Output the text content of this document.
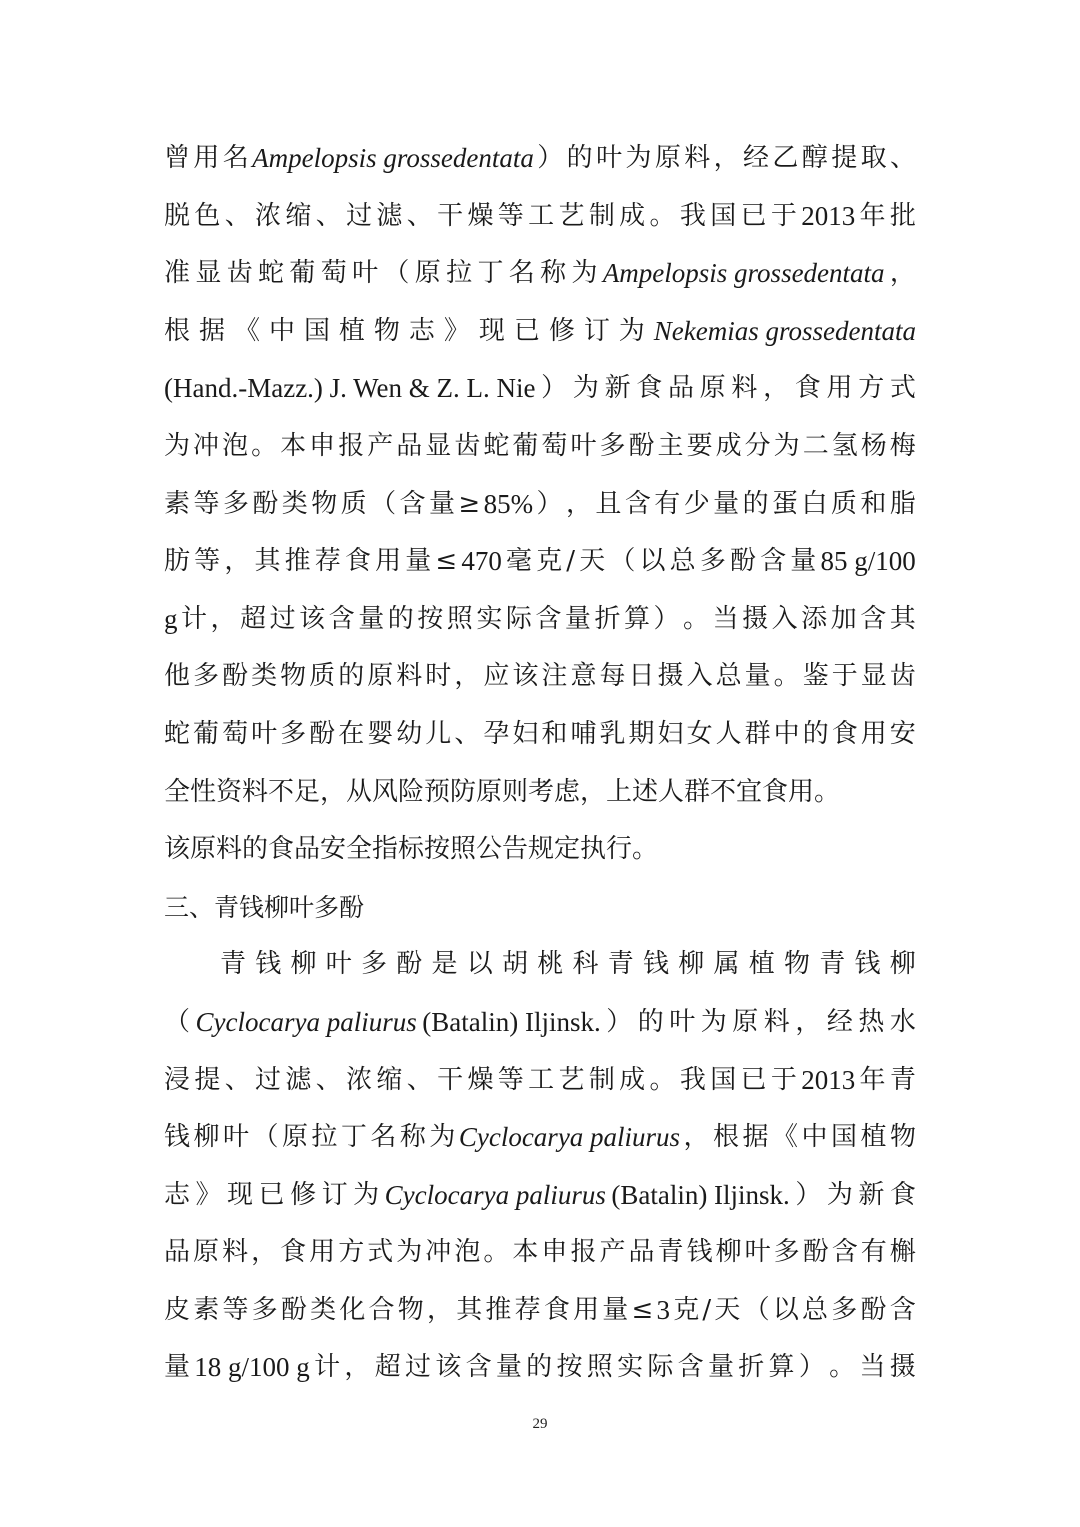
曾 用 名 Ampelopsis grossedentata ） 的 叶 为 原 料 ， 经 乙 醇 提 取 、
脱 色 、 浓 缩 、 过 滤 、 干 燥 等 工 艺 制 成 。 我 国 已 于 2013 年 批
准 显 齿 蛇 葡 萄 叶 （ 原 拉 丁 名 称 为 Ampelopsis grossedentata ，
根 据 《 中 国 植 物 志 》 现 已 修 订 为 Nekemias grossedentata
(Hand.-Mazz.) J. Wen & Z. L. Nie ） 为 新 食 品 原 料 ， 食 用 方 式
为 冲 泡 。 本 申 报 产 品 显 齿 蛇 葡 萄 叶 多 酚 主 要 成 分 为 二 氢 杨 梅
素 等 多 酚 类 物 质 （ 含 量 ≥ 85% ） ， 且 含 有 少 量 的 蛋 白 质 和 脂
肪 等 ， 其 推 荐 食 用 量 ≤ 470 毫 克 / 天 （ 以 总 多 酚 含 量 85 g/100
g 计 ， 超 过 该 含 量 的 按 照 实 际 含 量 折 算 ） 。 当 摄 入 添 加 含 其
他 多 酚 类 物 质 的 原 料 时 ， 应 该 注 意 每 日 摄 入 总 量 。 鉴 于 显 齿
蛇 葡 萄 叶 多 酚 在 婴 幼 儿 、 孕 妇 和 哺 乳 期 妇 女 人 群 中 的 食 用 安
全性资料不足，从风险预防原则考虑，上述人群不宜食用。
该原料的食品安全指标按照公告规定执行。
三、青钱柳叶多酚
青 钱 柳 叶 多 酚 是 以 胡 桃 科 青 钱 柳 属 植 物 青 钱 柳
（ Cyclocarya paliurus (Batalin) Iljinsk. ） 的 叶 为 原 料 ， 经 热 水
浸 提 、 过 滤 、 浓 缩 、 干 燥 等 工 艺 制 成 。 我 国 已 于 2013 年 青
钱 柳 叶 （ 原 拉 丁 名 称 为 Cyclocarya paliurus ， 根 据 《 中 国 植 物
志 》 现 已 修 订 为 Cyclocarya paliurus (Batalin) Iljinsk. ） 为 新 食
品 原 料 ， 食 用 方 式 为 冲 泡 。 本 申 报 产 品 青 钱 柳 叶 多 酚 含 有 槲
皮 素 等 多 酚 类 化 合 物 ， 其 推 荐 食 用 量 ≤ 3 克 / 天 （ 以 总 多 酚 含
量 18 g/100 g 计 ， 超 过 该 含 量 的 按 照 实 际 含 量 折 算 ） 。 当 摄
29
